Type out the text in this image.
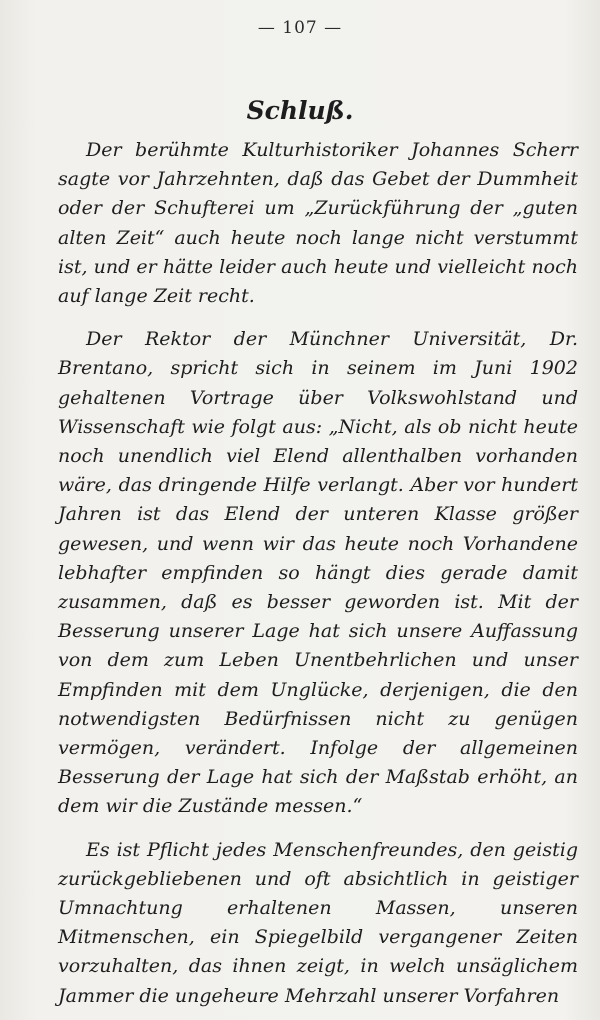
— 107 —
Schluß.

Der berühmte Kulturhistoriker Johannes Scherr sagte vor Jahrzehnten, daß das Gebet der Dummheit oder der Schufterei um „Zurückführung der „guten alten Zeit“ auch heute noch lange nicht verstummt ist, und er hätte leider auch heute und vielleicht noch auf lange Zeit recht.

Der Rektor der Münchner Universität, Dr. Brentano, spricht sich in seinem im Juni 1902 gehaltenen Vortrage über Volkswohlstand und Wissenschaft wie folgt aus: „Nicht, als ob nicht heute noch unendlich viel Elend allenthalben vorhanden wäre, das dringende Hilfe verlangt. Aber vor hundert Jahren ist das Elend der unteren Klasse größer gewesen, und wenn wir das heute noch Vorhandene lebhafter empfinden so hängt dies gerade damit zusammen, daß es besser geworden ist. Mit der Besserung unserer Lage hat sich unsere Auffassung von dem zum Leben Unentbehrlichen und unser Empfinden mit dem Unglücke, derjenigen, die den notwendigsten Bedürfnissen nicht zu genügen vermögen, verändert. Infolge der allgemeinen Besserung der Lage hat sich der Maßstab erhöht, an dem wir die Zustände messen.“

Es ist Pflicht jedes Menschenfreundes, den geistig zurückgebliebenen und oft absichtlich in geistiger Umnachtung erhaltenen Massen, unseren Mitmenschen, ein Spiegelbild vergangener Zeiten vorzuhalten, das ihnen zeigt, in welch unsäglichem Jammer die ungeheure Mehrzahl unserer Vorfahren
